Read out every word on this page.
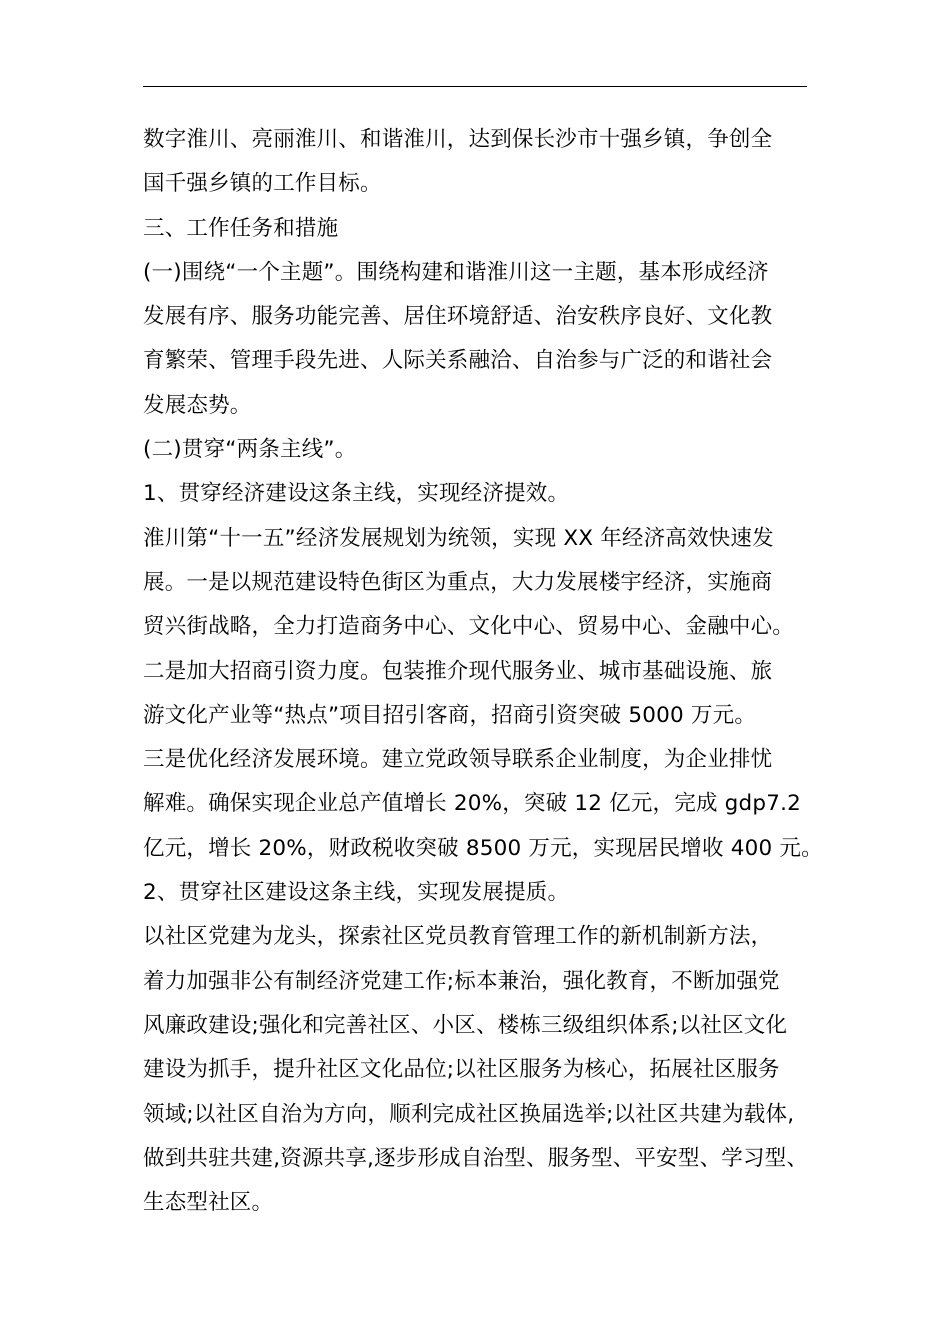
数字淮川、亮丽淮川、和谐淮川，达到保长沙市十强乡镇，争创全
国千强乡镇的工作目标。
三、工作任务和措施
(一)围绕“一个主题”。围绕构建和谐淮川这一主题，基本形成经济
发展有序、服务功能完善、居住环境舒适、治安秩序良好、文化教
育繁荣、管理手段先进、人际关系融洽、自治参与广泛的和谐社会
发展态势。
(二)贯穿“两条主线”。
1、贯穿经济建设这条主线，实现经济提效。
淮川第“十一五”经济发展规划为统领，实现 XX 年经济高效快速发
展。一是以规范建设特色街区为重点，大力发展楼宇经济，实施商
贸兴街战略，全力打造商务中心、文化中心、贸易中心、金融中心。
二是加大招商引资力度。包装推介现代服务业、城市基础设施、旅
游文化产业等“热点”项目招引客商，招商引资突破 5000 万元。
三是优化经济发展环境。建立党政领导联系企业制度，为企业排忧
解难。确保实现企业总产值增长 20%，突破 12 亿元，完成 gdp7.2
亿元，增长 20%，财政税收突破 8500 万元，实现居民增收 400 元。
2、贯穿社区建设这条主线，实现发展提质。
以社区党建为龙头，探索社区党员教育管理工作的新机制新方法，
着力加强非公有制经济党建工作;标本兼治，强化教育，不断加强党
风廉政建设;强化和完善社区、小区、楼栋三级组织体系;以社区文化
建设为抓手，提升社区文化品位;以社区服务为核心，拓展社区服务
领域;以社区自治为方向，顺利完成社区换届选举;以社区共建为载体,
做到共驻共建,资源共享,逐步形成自治型、服务型、平安型、学习型、
生态型社区。
